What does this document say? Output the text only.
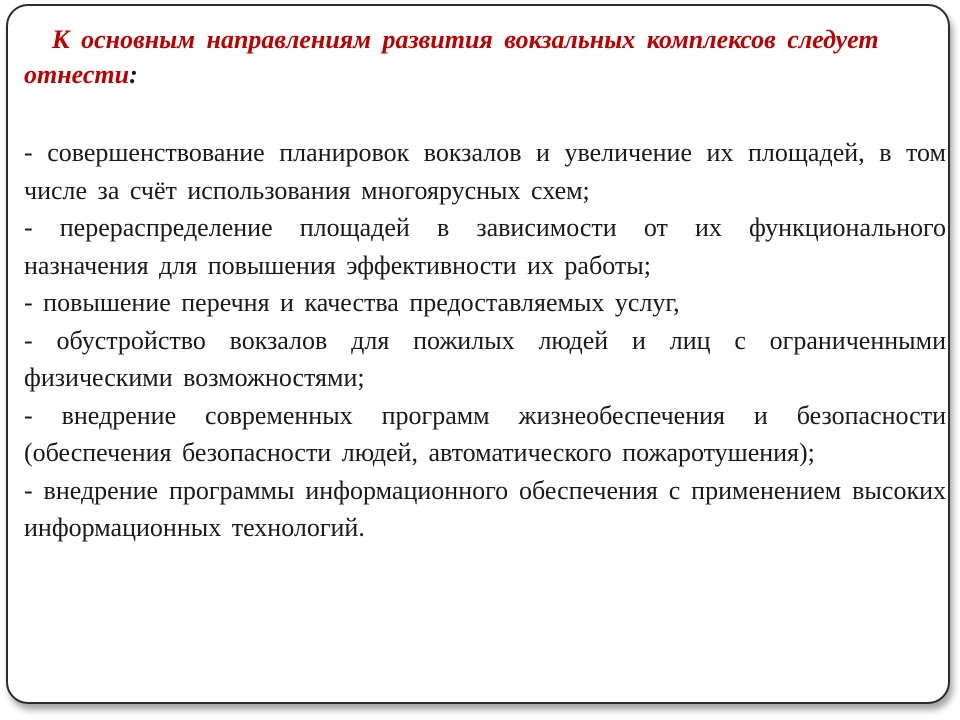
К основным направлениям развития вокзальных комплексов следует отнести:

- совершенствование планировок вокзалов и увеличение их площадей, в том числе за счёт использования многоярусных схем;
- перераспределение площадей в зависимости от их функционального назначения для повышения эффективности их работы;
- повышение перечня и качества предоставляемых услуг,
- обустройство вокзалов для пожилых людей и лиц с ограниченными физическими возможностями;
- внедрение современных программ жизнеобеспечения и безопасности (обеспечения безопасности людей, автоматического пожаротушения);
- внедрение программы информационного обеспечения с применением высоких информационных технологий.
